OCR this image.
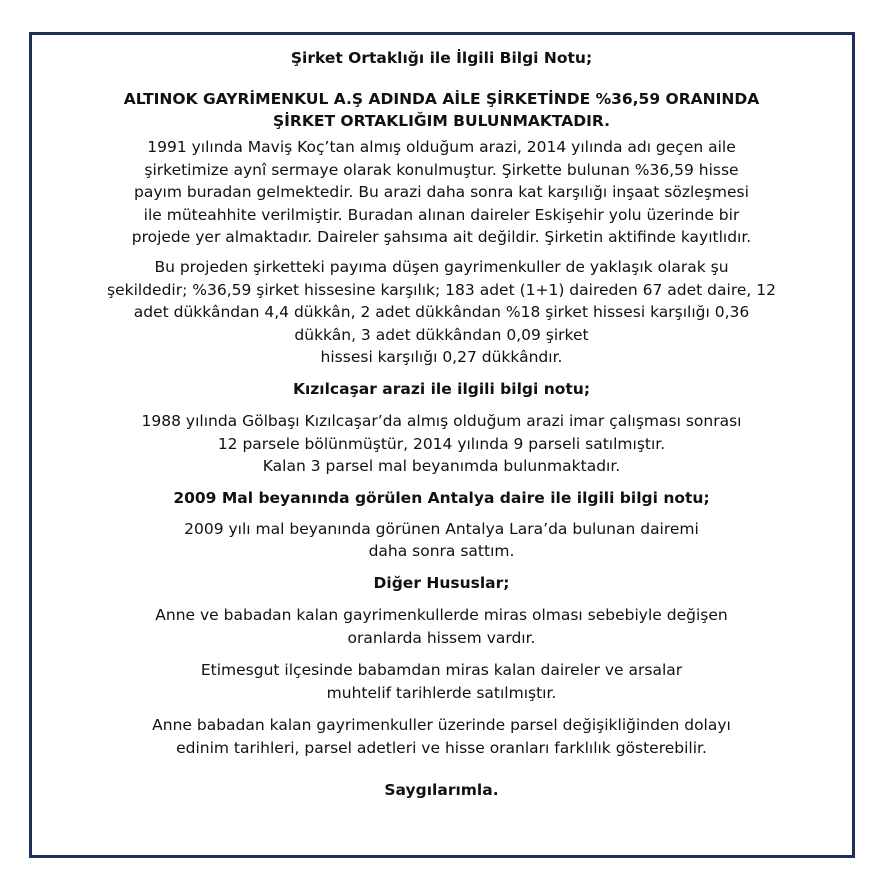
Şirket Ortaklığı ile İlgili Bilgi Notu;

ALTINOK GAYRİMENKUL A.Ş ADINDA AİLE ŞİRKETİNDE %36,59 ORANINDA
ŞİRKET ORTAKLIĞIM BULUNMAKTADIR.

1991 yılında Maviş Koç’tan almış olduğum arazi, 2014 yılında adı geçen aile
şirketimize aynî sermaye olarak konulmuştur. Şirkette bulunan %36,59 hisse
payım buradan gelmektedir. Bu arazi daha sonra kat karşılığı inşaat sözleşmesi
ile müteahhite verilmiştir. Buradan alınan daireler Eskişehir yolu üzerinde bir
projede yer almaktadır. Daireler şahsıma ait değildir. Şirketin aktifinde kayıtlıdır.

Bu projeden şirketteki payıma düşen gayrimenkuller de yaklaşık olarak şu
şekildedir; %36,59 şirket hissesine karşılık; 183 adet (1+1) daireden 67 adet daire, 12
adet dükkândan 4,4 dükkân, 2 adet dükkândan %18 şirket hissesi karşılığı 0,36
dükkân, 3 adet dükkândan 0,09 şirket
hissesi karşılığı 0,27 dükkândır.

Kızılcaşar arazi ile ilgili bilgi notu;

1988 yılında Gölbaşı Kızılcaşar’da almış olduğum arazi imar çalışması sonrası
12 parsele bölünmüştür, 2014 yılında 9 parseli satılmıştır.
Kalan 3 parsel mal beyanımda bulunmaktadır.

2009 Mal beyanında görülen Antalya daire ile ilgili bilgi notu;

2009 yılı mal beyanında görünen Antalya Lara’da bulunan dairemi
daha sonra sattım.

Diğer Hususlar;

Anne ve babadan kalan gayrimenkullerde miras olması sebebiyle değişen
oranlarda hissem vardır.

Etimesgut ilçesinde babamdan miras kalan daireler ve arsalar
muhtelif tarihlerde satılmıştır.

Anne babadan kalan gayrimenkuller üzerinde parsel değişikliğinden dolayı
edinim tarihleri, parsel adetleri ve hisse oranları farklılık gösterebilir.

Saygılarımla.
